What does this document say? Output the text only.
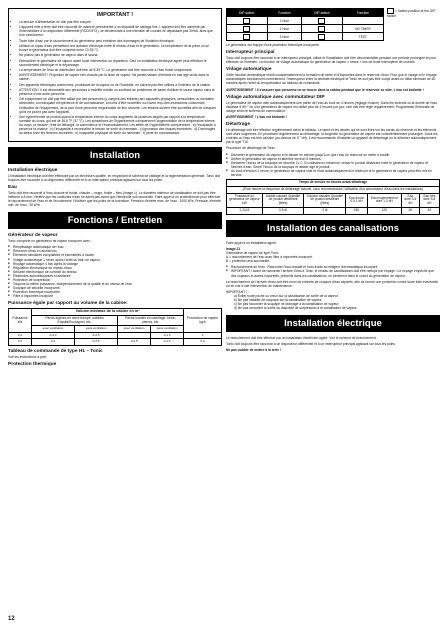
IMPORTANT !
• La tension d'alimentation ne doit pas être coupée.
• L'appareil relié à terre doit être raccordé de manière permanente à un dispositif de câblage fixe. L'appareil doit être alimenté par l'intermédiaire d'un disjoncteur différentiel (RCD/GFCI), se déclenchant à une intensité de courant ne dépassant pas 30mA, ainsi que d'un sectionneur.
• Toute fuite d'eau par le raccordement du générateur peut entraîner des dommages de l'isolation électrique.
• Utilisez un tuyau d'eau permettant une isolation électrique entre le réseau d'eau et le générateur. La température de la pièce où se trouve le générateur doit être comprise entre 10-35 °C.
• Ne placez pas le générateur de vapeur dans le sauna.
• Débrancher le générateur de vapeur avant toute intervention ou réparation. Seul un installateur électrique agréé peut effectuer le raccordement électrique et le dépannage.
• La température de l'eau de distribution doit être de 5-35 °C. Le générateur doit être raccordé à l'eau froide uniquement.
• AVERTISSEMENT ! Projection de vapeur très chaude par la buse de vapeur. Ne jamais laisser d'enfants en bas âge seuls dans la cabine.
• Des appareils électriques autonomes, produisant de la vapeur ou de l'humidité, ne doivent pas être utilisés à l'intérieur de la cabine.
• ATTENTION ! Il est déconseillé aux personnes à mobilité réduite ou souffrant de problèmes de santé d'utiliser le sauna vapeur sans la présence d'une autre personne.
• Cet équipement ne doit pas être utilisé par des personnes (y compris des enfants) aux capacités physiques, sensorielles ou mentales diminuées, ou manquant d'expérience et de connaissance, à moins d'être surveillés ou d'avoir reçu des instructions concernant l'utilisation de l'équipement, de la part d'une personne responsable de leur sécurité. Les enfants doivent être surveillés afin de s'assurer qu'ils ne jouent pas avec l'appareil.
• Une hyperthermie se produit quand la température interne du corps augmente de plusieurs degrés par rapport à la température normale du corps, qui est de 36,6 °F (37 °C). Les symptômes de l'hyperthermie comprennent l'augmentation de la température interne du corps, la nausée, l'état de léthargie, la somnolence et l'évanouissement. Les effets de l'hyperthermie comprennent : a) l'incapacité à percevoir la chaleur ; b) l'incapacité à reconnaître le besoin de sortir du hammam ; c) ignorance des risques imminents ; d) Dommages au fœtus chez les femmes enceintes ; e) incapacité physique de sortir du hammam ; f) perte de connaissance.
Installation
Installation électrique

L'installation électrique doit être effectuée par un électricien qualifié, en respectant le schéma de câblage et la réglementation générale. Tonic doit toujours être raccordé à un disjoncteur différentiel et à un interrupteur principal agissant sur tous les pôles.

Eau

Tonic doit être raccordé à l'eau chaude et froide, chaude – rouge, froide – bleu (image 1). Le diamètre intérieur de canalisation ne doit pas être inférieur à 8 mm. Vérifiez que les conduites d'eau ne fuient pas avant que l'électricité soit raccordée. Faire appel à un professionnel pour effectuer le raccordement de l'eau et de l'écoulement. N'utiliser que les joints de la fourniture. Pression d'entrée max. de l'eau : 1000 kPa. Pression d'entrée min. de l'eau : 30 kPa

Fonctions / Entretien
Générateur de vapeur

Tonic comporte un générateur de vapeur incorporé avec :

■ Remplissage automatique de l'eau
■ Réservoir d'eau en aluminium
■ Éléments tubulaires inoxydables et insensibles à l'acide
■ Vidage automatique 1 heure après l'arrêt du bain de vapeur
■ Rinçage automatique 4 fois après la vidange
■ Régulation électronique du niveau d'eau
■ Sécurité électronique de contrôle du niveau
■ Électrodes autonettoyantes et antitartre
■ Protection de surpression
■ Toujours la même puissance, indépendamment de la qualité et du niveau de l'eau
■ Soupape de sécurité incorporée
■ Protection thermique incorporée
■ Filtre à impuretés incorporé
Puissance égale par rapport au volume de la cabine:
Puissance kW	Volume min/max de la cabine en m³				Production de vapeur kg/h
	Parois légères en verre trempé, cabines Enysite/Eucalyptol, etc.		Parois lourdes en carrelage, béton, pierres, etc.		
	avec ventilation	sans ventilation	avec ventilation	sans ventilation	
2,2	0-4,0	0-2,5		0-1,5	3
4,5	0-4	0-2,5	0-2,5	0-1,5	5,0
Tableau de commande de type H1 – Tonic

Voir les instructions à part.

Protection thermique
DIP-switch	Fonction	DIP-switch	Fonction
	1 Hour		
	2 Hour		NO TIMER
	3 Hour		TEST
= Switch position at the DIP-switch

Le générateur est équipé d'une protection thermique incorporée.

Interrupteur principal

Tonic doit toujours être raccordé à un interrupteur principal, utilisé et l'installation doit être déconnectable pendant une période prolongée et pour effectuer un entretien. La fonction de vidage automatique du générateur de vapeur « cesse » lors de toute interruption de courant.

Vidage automatique

Cette fonction automatique réduit considérablement la formation de tartre et d'impuretés dans le réservoir d'eau. Pour que le vidage et le rinçage automatiques fonctionnent correctement, l'interrupteur entre la centrale électrique et Tonic ne doit pas être coupé avant un délai minimum de 60 minutes après l'arrêt du temporisateur du tableau de commande.

AVERTISSEMENT ! Il s'assurer que personne ne se trouve dans la cabine pendant que le réservoir se vide. L'eau est brûlante !

Vidage automatique avec commutateur DIP

Le générateur de vapeur vide automatiquement une partie de l'eau au bout de 4 heures (réglage d'usine). Dans les endroits où la dureté de l'eau dépasse 5 dH ° ou si le générateur de vapeur est utilisé plus de 4 heures par jour, ceci doit être réglé régulièrement. Programmer l'intervalle de vidage selon le schéma de commutation.

AVERTISSEMENT ! L'eau est brûlante !

Détartrage

Le détartrage doit être effectué régulièrement selon le tableau. Le tartre et les dépôts qui se sont fixés sur les parois du réservoir et les éléments sont alors supprimés. En procédant régulièrement au détartrage, la longévité du générateur de vapeur est considérablement prolongée. Dans les endroits où l'eau est très calcaire (au-dessus de 5 ° dH), il est recommandé d'installer un appareil de détartrage ou le détartrer automatiquement par le type T10.

Procédure de détartrage de Tonic

■ Démarrer le générateur de vapeur et le laisser en service jusqu'à ce que l'eau du réservoir se mette à bouillir.
■ Arrêter le générateur de vapeur et attendre environ 5 minutes.
■ Desserrer l'écrou de la soupape de sécurité 21 C. En utilisant un entonnoir, verser le produit détartrant entre le générateur de vapeur et l'arrivée d'eau. Serrer l'écrou de la soupape et laisser agir le produit.
■ Au bout d'environ 1 heure, le générateur de vapeur vide et rince automatiquement le réservoir et le générateur de vapeur peut être mis en service.
Temps de service en heures avant détartrage						
(Pour réduire la fréquence de détartrage manuel, nous recommandons l'utilisation d'un adoucisseur d'eau dans les installations)						
Puissance du générateur de vapeur kW	Acidité calcaire Quantité de produit détartrant (litres)	Solution calcaire Quantité de produit détartrant (litres)	Eau douce 0,5-1 dH	Eau moyennement dure 1-3 dH	Eau dure 3-5 dH	Eau très dure 5-8 dH
2,2/4,5	0,5 dl	3 dl	240	120	60	40
Installation des canalisations

Faire appel à un installateur agréé.

Image 21

Générateur de vapeur de type Tonic

A = raccordement de l'eau avec filtre à impuretés incorporé.

B = protection anti-surchauffe.

■ Raccordement de l'eau : Raccorder l'eau chaude et l'eau froide au mitigeur thermostatique incorporé.
■ IMPORTANT ! Avant de raccorder l'arrivée d'eau à Tonic, le réseau de canalisations doit être nettoyé par rinçage ! Le rinçage empêche que des copeaux et autres impuretés, présents dans les canalisations, ne pénètrent dans le circuit du générateur de vapeur.

Le branchement de l'arrivée d'eau doit être muni de robinets de coupure d'eau séparés, afin de fournir une protection contre toute fuite éventuelle ou en vue d'une intervention de maintenance.

IMPORTANT ! :

a) Éviter toute poche ou creux sur la canalisation de sortie de la vapeur.
b) Ne pas installer de soupape sur la canalisation de vapeur.
c) Ne pas raccorder la soupape de drainage à la canalisation de vapeur.
d) Ne pas raccorder la sortie du dispositif de surpression à la canalisation de vapeur.
Installation électrique

Le branchement doit être effectué par un installateur électricien agréé. Voir le schéma de branchement.

Tonic doit toujours être raccordé à un disjoncteur différentiel et à un interrupteur principal agissant sur tous les pôles.

Ne pas oublier de mettre à la terre !

12
